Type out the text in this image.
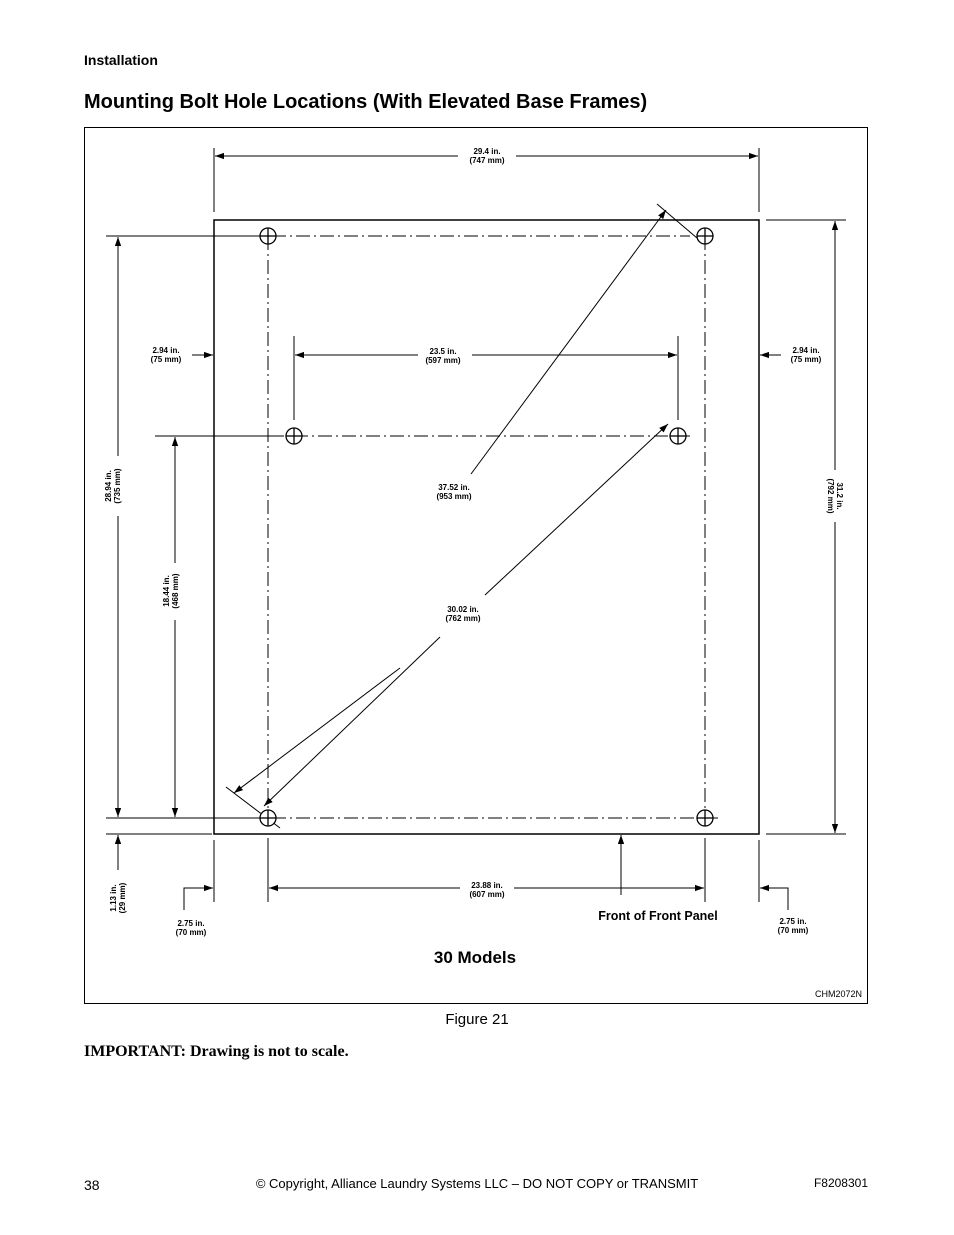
Installation
Mounting Bolt Hole Locations (With Elevated Base Frames)
29.4 in.
(747 mm)
2.94 in.
(75 mm)
2.94 in.
(75 mm)
23.5 in.
(597 mm)
37.52 in.
(953 mm)
30.02 in.
(762 mm)
23.88 in.
(607 mm)
2.75 in.
(70 mm)
2.75 in.
(70 mm)
28.94 in. (735 mm)
18.44 in. (468 mm)
31.2 in.
(792 mm)
1.13 in. (29 mm)
Front of Front Panel
30 Models
CHM2072N
Figure 21
IMPORTANT: Drawing is not to scale.
38	© Copyright, Alliance Laundry Systems LLC – DO NOT COPY or TRANSMIT	F8208301
